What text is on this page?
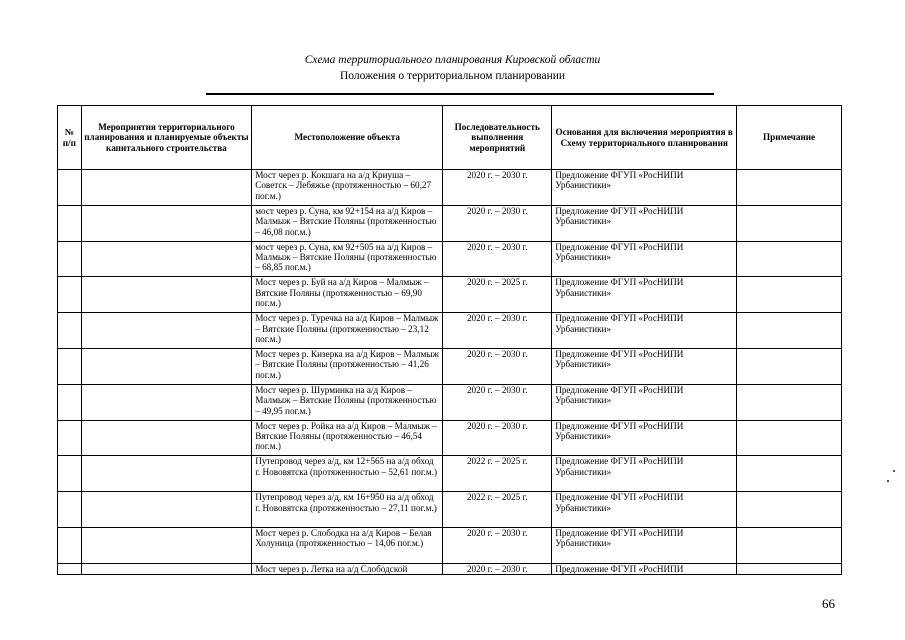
Схема территориального планирования Кировской области
Положения о территориальном планировании
№ п/п	Мероприятия территориального планирования и планируемые объекты капитального строительства	Местоположение объекта	Последовательность выполнения мероприятий	Основания для включения мероприятия в Схему территориального планирования	Примечание
		Мост через р. Кокшага на а/д Криуша – Советск – Лебяжье (протяженностью – 60,27 пог.м.)	2020 г. – 2030 г.	Предложение ФГУП «РосНИПИ Урбанистики»	
		мост через р. Суна, км 92+154 на а/д Киров – Малмыж – Вятские Поляны (протяженностью – 46,08 пог.м.)	2020 г. – 2030 г.	Предложение ФГУП «РосНИПИ Урбанистики»	
		мост через р. Суна, км 92+505 на а/д Киров – Малмыж – Вятские Поляны (протяженностью – 68,85 пог.м.)	2020 г. – 2030 г.	Предложение ФГУП «РосНИПИ Урбанистики»	
		Мост через р. Буй на а/д Киров – Малмыж – Вятские Поляны (протяженностью – 69,90 пог.м.)	2020 г. – 2025 г.	Предложение ФГУП «РосНИПИ Урбанистики»	
		Мост через р. Туречка на а/д Киров – Малмыж – Вятские Поляны (протяженностью – 23,12 пог.м.)	2020 г. – 2030 г.	Предложение ФГУП «РосНИПИ Урбанистики»	
		Мост через р. Кизерка на а/д Киров – Малмыж – Вятские Поляны (протяженностью – 41,26 пог.м.)	2020 г. – 2030 г.	Предложение ФГУП «РосНИПИ Урбанистики»	
		Мост через р. Шурминка на а/д Киров – Малмыж – Вятские Поляны (протяженностью – 49,95 пог.м.)	2020 г. – 2030 г.	Предложение ФГУП «РосНИПИ Урбанистики»	
		Мост через р. Ройка на а/д Киров – Малмыж – Вятские Поляны (протяженностью – 46,54 пог.м.)	2020 г. – 2030 г.	Предложение ФГУП «РосНИПИ Урбанистики»	
		Путепровод через а/д, км 12+565 на а/д обход г. Нововятска (протяженностью – 52,61 пог.м.)	2022 г. – 2025 г.	Предложение ФГУП «РосНИПИ Урбанистики»	
		Путепровод через а/д, км 16+950 на а/д обход г. Нововятска (протяженностью – 27,11 пог.м.)	2022 г. – 2025 г.	Предложение ФГУП «РосНИПИ Урбанистики»	
		Мост через р. Слободка на а/д Киров – Белая Холуница (протяженностью – 14,06 пог.м.)	2020 г. – 2030 г.	Предложение ФГУП «РосНИПИ Урбанистики»	
		Мост через р. Летка на а/д Слободской	2020 г. – 2030 г.	Предложение ФГУП «РосНИПИ	
66
